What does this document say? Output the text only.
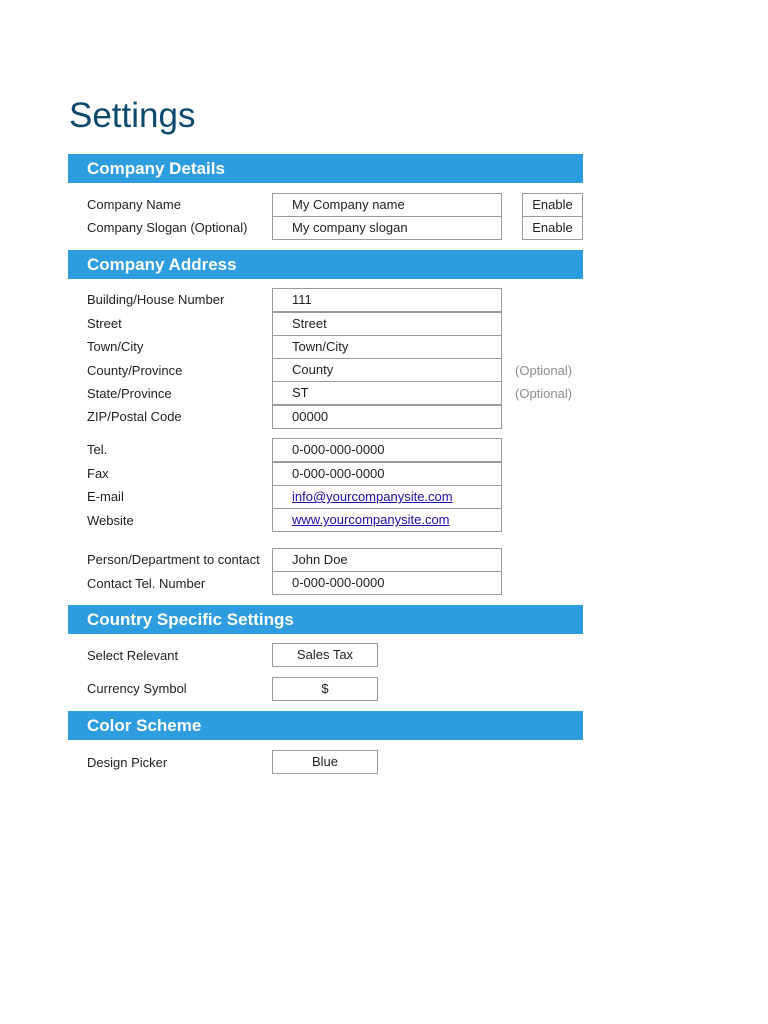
Settings
Company Details
Company Name	My Company name	Enable
Company Slogan (Optional)	My company slogan	Enable
Company Address
Building/House Number	111
Street	Street
Town/City	Town/City
County/Province	County	(Optional)
State/Province	ST	(Optional)
ZIP/Postal Code	00000
Tel.	0-000-000-0000
Fax	0-000-000-0000
E-mail	info@yourcompanysite.com
Website	www.yourcompanysite.com
Person/Department to contact	John Doe
Contact Tel. Number	0-000-000-0000
Country Specific Settings
Select Relevant	Sales Tax
Currency Symbol	$
Color Scheme
Design Picker	Blue
